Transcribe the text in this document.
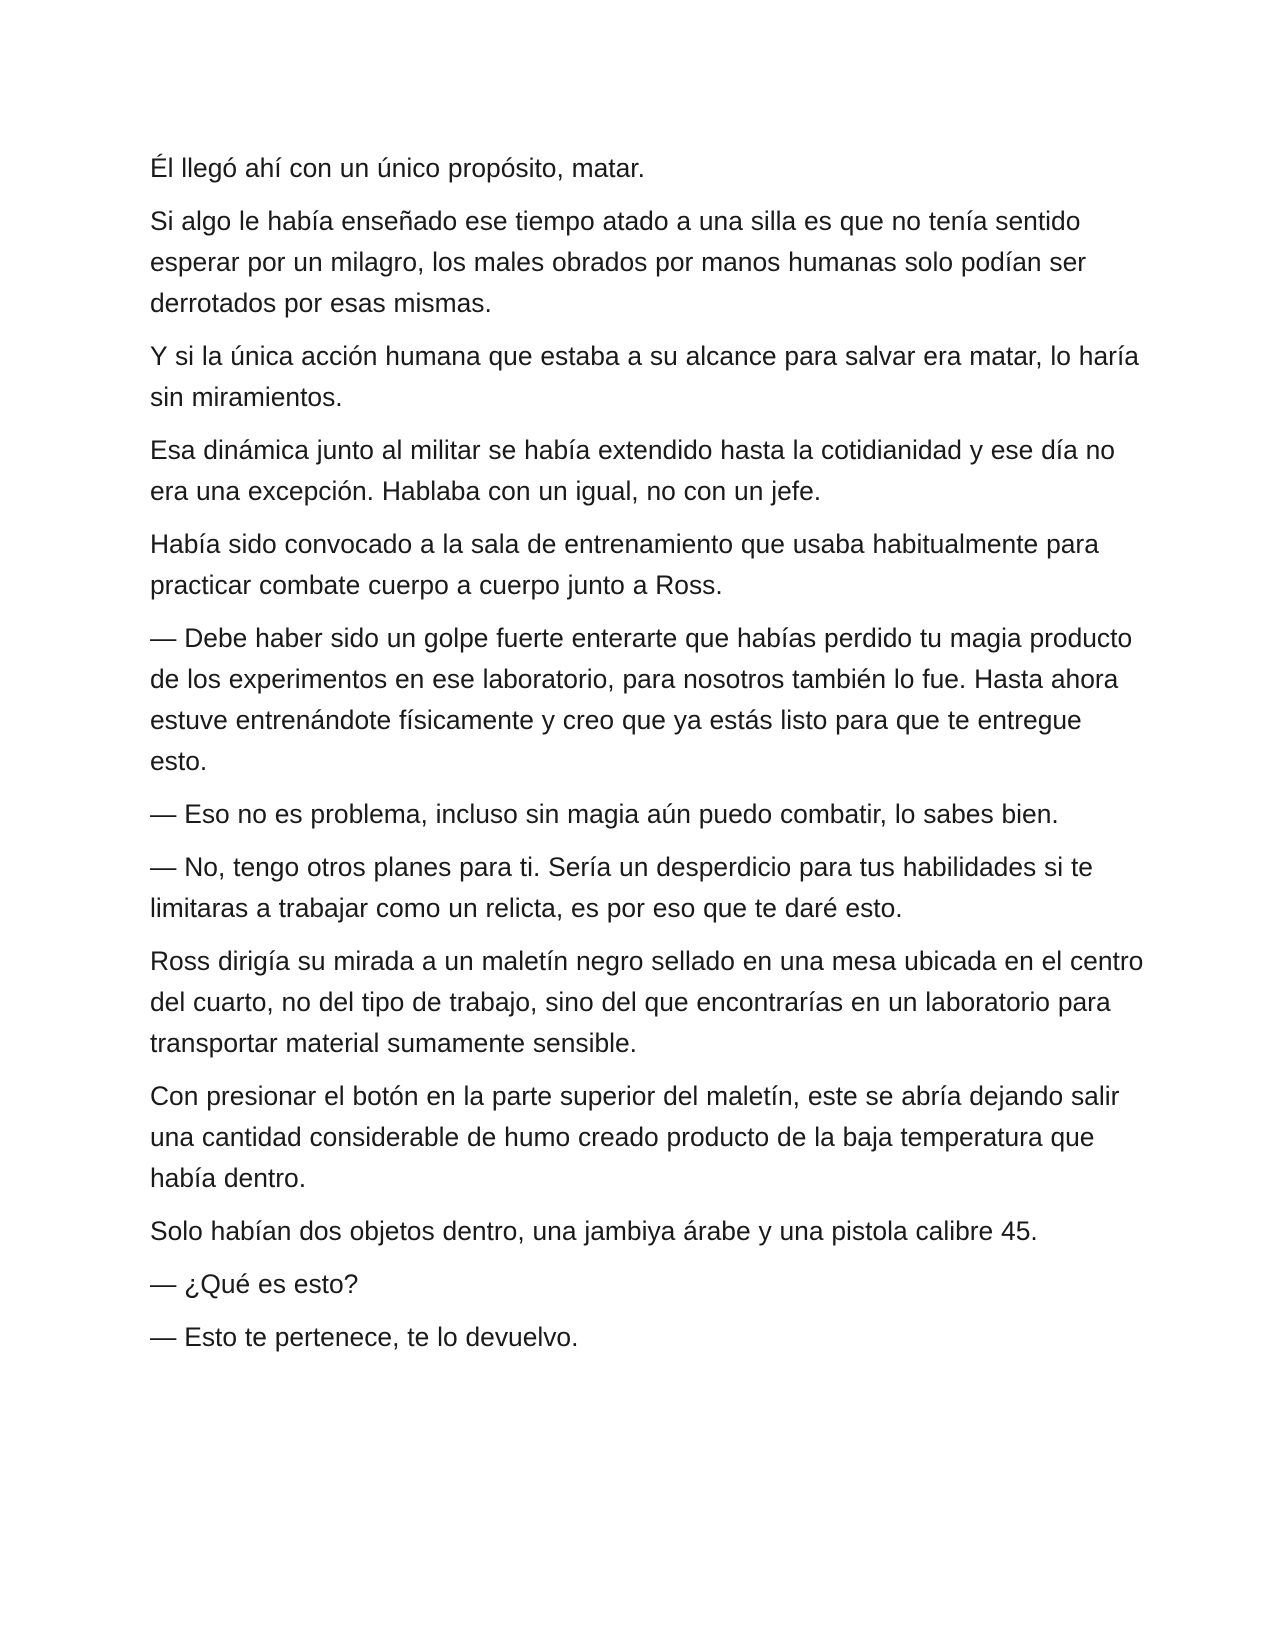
Él llegó ahí con un único propósito, matar.

Si algo le había enseñado ese tiempo atado a una silla es que no tenía sentido esperar por un milagro, los males obrados por manos humanas solo podían ser derrotados por esas mismas.

Y si la única acción humana que estaba a su alcance para salvar era matar, lo haría sin miramientos.

Esa dinámica junto al militar se había extendido hasta la cotidianidad y ese día no era una excepción. Hablaba con un igual, no con un jefe.

Había sido convocado a la sala de entrenamiento que usaba habitualmente para practicar combate cuerpo a cuerpo junto a Ross.

— Debe haber sido un golpe fuerte enterarte que habías perdido tu magia producto de los experimentos en ese laboratorio, para nosotros también lo fue. Hasta ahora estuve entrenándote físicamente y creo que ya estás listo para que te entregue esto.

— Eso no es problema, incluso sin magia aún puedo combatir, lo sabes bien.

— No, tengo otros planes para ti. Sería un desperdicio para tus habilidades si te limitaras a trabajar como un relicta, es por eso que te daré esto.

Ross dirigía su mirada a un maletín negro sellado en una mesa ubicada en el centro del cuarto, no del tipo de trabajo, sino del que encontrarías en un laboratorio para transportar material sumamente sensible.

Con presionar el botón en la parte superior del maletín, este se abría dejando salir una cantidad considerable de humo creado producto de la baja temperatura que había dentro.

Solo habían dos objetos dentro, una jambiya árabe y una pistola calibre 45.

— ¿Qué es esto?

— Esto te pertenece, te lo devuelvo.
